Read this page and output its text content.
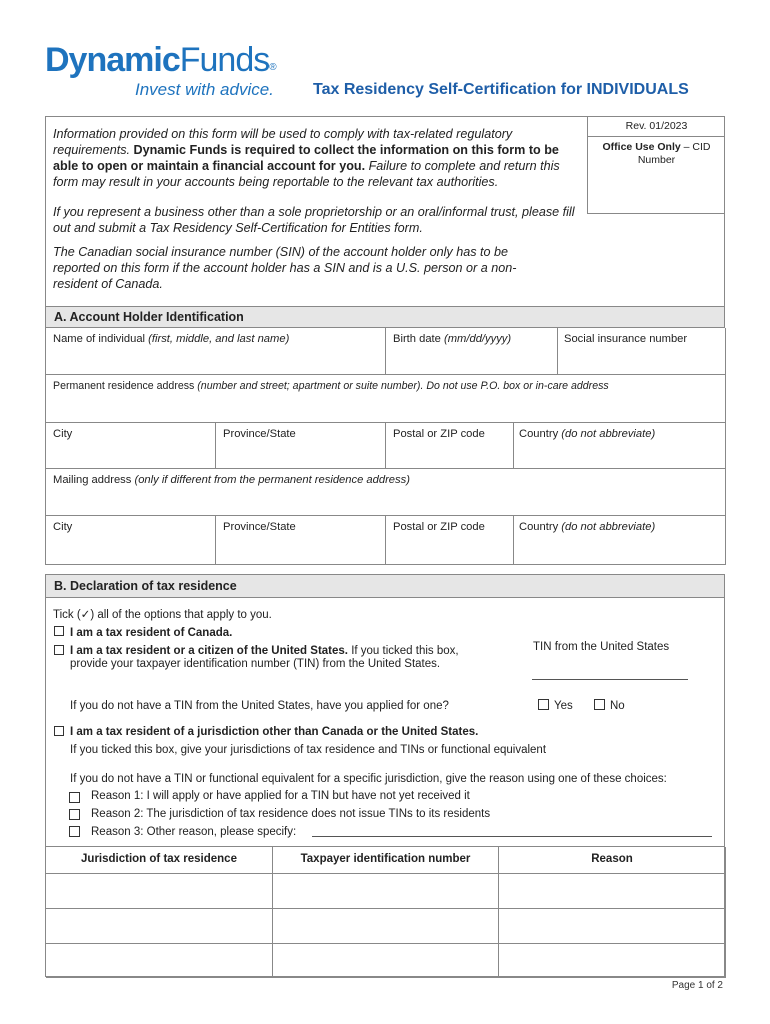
DynamicFunds®
Invest with advice. Tax Residency Self-Certification for INDIVIDUALS
Rev. 01/2023
Office Use Only – CID Number

Information provided on this form will be used to comply with tax-related regulatory requirements. Dynamic Funds is required to collect the information on this form to be able to open or maintain a financial account for you. Failure to complete and return this form may result in your accounts being reportable to the relevant tax authorities.

If you represent a business other than a sole proprietorship or an oral/informal trust, please fill out and submit a Tax Residency Self-Certification for Entities form.

The Canadian social insurance number (SIN) of the account holder only has to be reported on this form if the account holder has a SIN and is a U.S. person or a non-resident of Canada.

A. Account Holder Identification
Name of individual (first, middle, and last name)	Birth date (mm/dd/yyyy)	Social insurance number
Permanent residence address (number and street; apartment or suite number). Do not use P.O. box or in-care address
City	Province/State	Postal or ZIP code	Country (do not abbreviate)
Mailing address (only if different from the permanent residence address)
City	Province/State	Postal or ZIP code	Country (do not abbreviate)
B. Declaration of tax residence
Tick (✓) all of the options that apply to you.
I am a tax resident of Canada.
I am a tax resident or a citizen of the United States. If you ticked this box,
provide your taxpayer identification number (TIN) from the United States.
TIN from the United States
If you do not have a TIN from the United States, have you applied for one?	Yes	No
I am a tax resident of a jurisdiction other than Canada or the United States.
If you ticked this box, give your jurisdictions of tax residence and TINs or functional equivalent
If you do not have a TIN or functional equivalent for a specific jurisdiction, give the reason using one of these choices:
Reason 1: I will apply or have applied for a TIN but have not yet received it
Reason 2: The jurisdiction of tax residence does not issue TINs to its residents
Reason 3: Other reason, please specify:
Jurisdiction of tax residence	Taxpayer identification number	Reason
Page 1 of 2
